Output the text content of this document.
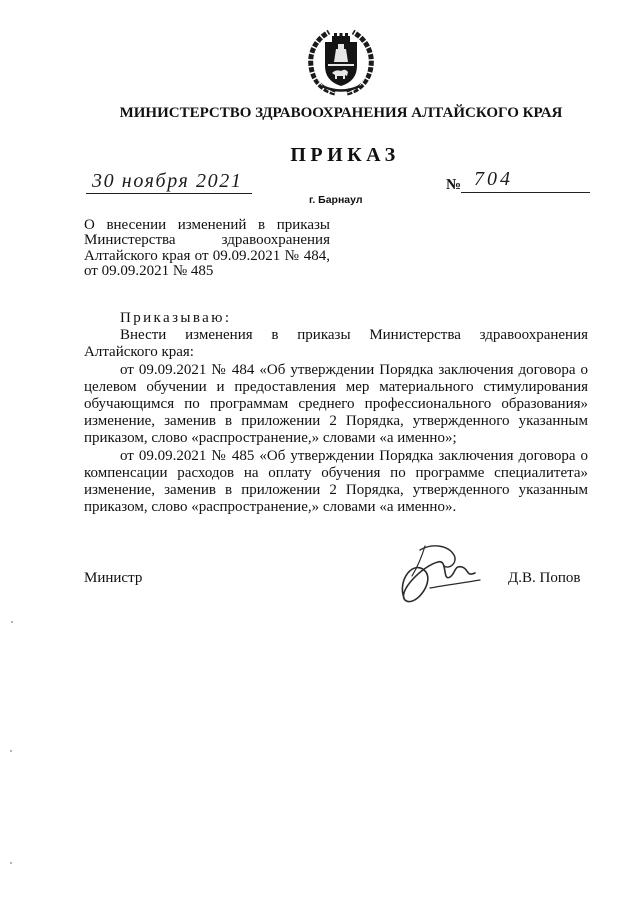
МИНИСТЕРСТВО ЗДРАВООХРАНЕНИЯ АЛТАЙСКОГО КРАЯ
ПРИКАЗ
30 ноября 2021
г. Барнаул
№ 704
О внесении изменений в приказы
Министерства здравоохранения
Алтайского края от 09.09.2021 № 484,
от 09.09.2021 № 485
Приказываю:
Внести изменения в приказы Министерства здравоохранения
Алтайского края:
от 09.09.2021 № 484 «Об утверждении Порядка заключения договора о
целевом обучении и предоставления мер материального стимулирования
обучающимся по программам среднего профессионального образования»
изменение, заменив в приложении 2 Порядка, утвержденного указанным
приказом, слово «распространение,» словами «а именно»;
от 09.09.2021 № 485 «Об утверждении Порядка заключения договора о
компенсации расходов на оплату обучения по программе специалитета»
изменение, заменив в приложении 2 Порядка, утвержденного указанным
приказом, слово «распространение,» словами «а именно».
Министр	Д.В. Попов
